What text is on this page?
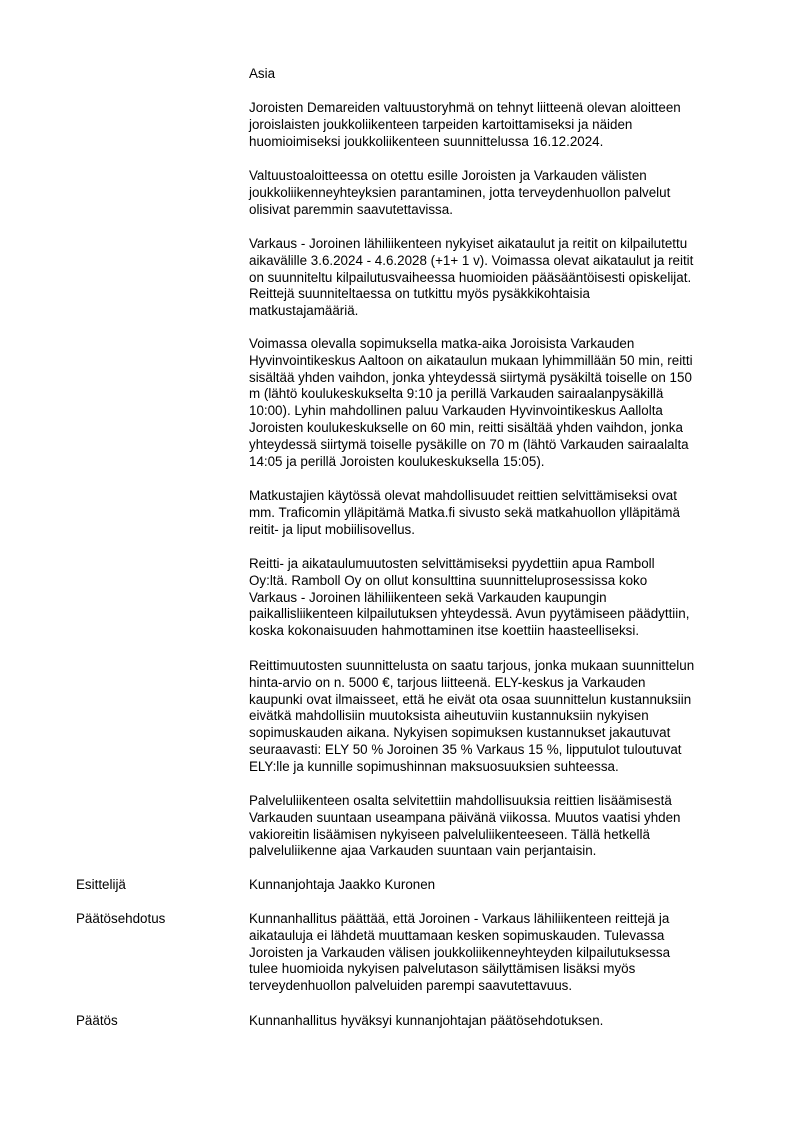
Asia

Joroisten Demareiden valtuustoryhmä on tehnyt liitteenä olevan aloitteen
joroislaisten joukkoliikenteen tarpeiden kartoittamiseksi ja näiden
huomioimiseksi joukkoliikenteen suunnittelussa 16.12.2024.

Valtuustoaloitteessa on otettu esille Joroisten ja Varkauden välisten
joukkoliikenneyhteyksien parantaminen, jotta terveydenhuollon palvelut
olisivat paremmin saavutettavissa.

Varkaus - Joroinen lähiliikenteen nykyiset aikataulut ja reitit on kilpailutettu
aikavälille 3.6.2024 - 4.6.2028 (+1+ 1 v). Voimassa olevat aikataulut ja reitit
on suunniteltu kilpailutusvaiheessa huomioiden pääsääntöisesti opiskelijat.
Reittejä suunniteltaessa on tutkittu myös pysäkkikohtaisia
matkustajamääriä.

Voimassa olevalla sopimuksella matka-aika Joroisista Varkauden
Hyvinvointikeskus Aaltoon on aikataulun mukaan lyhimmillään 50 min, reitti
sisältää yhden vaihdon, jonka yhteydessä siirtymä pysäkiltä toiselle on 150
m (lähtö koulukeskukselta 9:10 ja perillä Varkauden sairaalanpysäkillä
10:00). Lyhin mahdollinen paluu Varkauden Hyvinvointikeskus Aallolta
Joroisten koulukeskukselle on 60 min, reitti sisältää yhden vaihdon, jonka
yhteydessä siirtymä toiselle pysäkille on 70 m (lähtö Varkauden sairaalalta
14:05 ja perillä Joroisten koulukeskuksella 15:05).

Matkustajien käytössä olevat mahdollisuudet reittien selvittämiseksi ovat
mm. Traficomin ylläpitämä Matka.fi sivusto sekä matkahuollon ylläpitämä
reitit- ja liput mobiilisovellus.

Reitti- ja aikataulumuutosten selvittämiseksi pyydettiin apua Ramboll
Oy:ltä. Ramboll Oy on ollut konsulttina suunnitteluprosessissa koko
Varkaus - Joroinen lähiliikenteen sekä Varkauden kaupungin
paikallisliikenteen kilpailutuksen yhteydessä. Avun pyytämiseen päädyttiin,
koska kokonaisuuden hahmottaminen itse koettiin haasteelliseksi.

Reittimuutosten suunnittelusta on saatu tarjous, jonka mukaan suunnittelun
hinta-arvio on n. 5000 €, tarjous liitteenä. ELY-keskus ja Varkauden
kaupunki ovat ilmaisseet, että he eivät ota osaa suunnittelun kustannuksiin
eivätkä mahdollisiin muutoksista aiheutuviin kustannuksiin nykyisen
sopimuskauden aikana. Nykyisen sopimuksen kustannukset jakautuvat
seuraavasti: ELY 50 % Joroinen 35 % Varkaus 15 %, lipputulot tuloutuvat
ELY:lle ja kunnille sopimushinnan maksuosuuksien suhteessa.

Palveluliikenteen osalta selvitettiin mahdollisuuksia reittien lisäämisestä
Varkauden suuntaan useampana päivänä viikossa. Muutos vaatisi yhden
vakioreitin lisäämisen nykyiseen palveluliikenteeseen. Tällä hetkellä
palveluliikenne ajaa Varkauden suuntaan vain perjantaisin.

Esittelijä	Kunnanjohtaja Jaakko Kuronen

Päätösehdotus	Kunnanhallitus päättää, että Joroinen - Varkaus lähiliikenteen reittejä ja
aikatauluja ei lähdetä muuttamaan kesken sopimuskauden. Tulevassa
Joroisten ja Varkauden välisen joukkoliikenneyhteyden kilpailutuksessa
tulee huomioida nykyisen palvelutason säilyttämisen lisäksi myös
terveydenhuollon palveluiden parempi saavutettavuus.

Päätös	Kunnanhallitus hyväksyi kunnanjohtajan päätösehdotuksen.
